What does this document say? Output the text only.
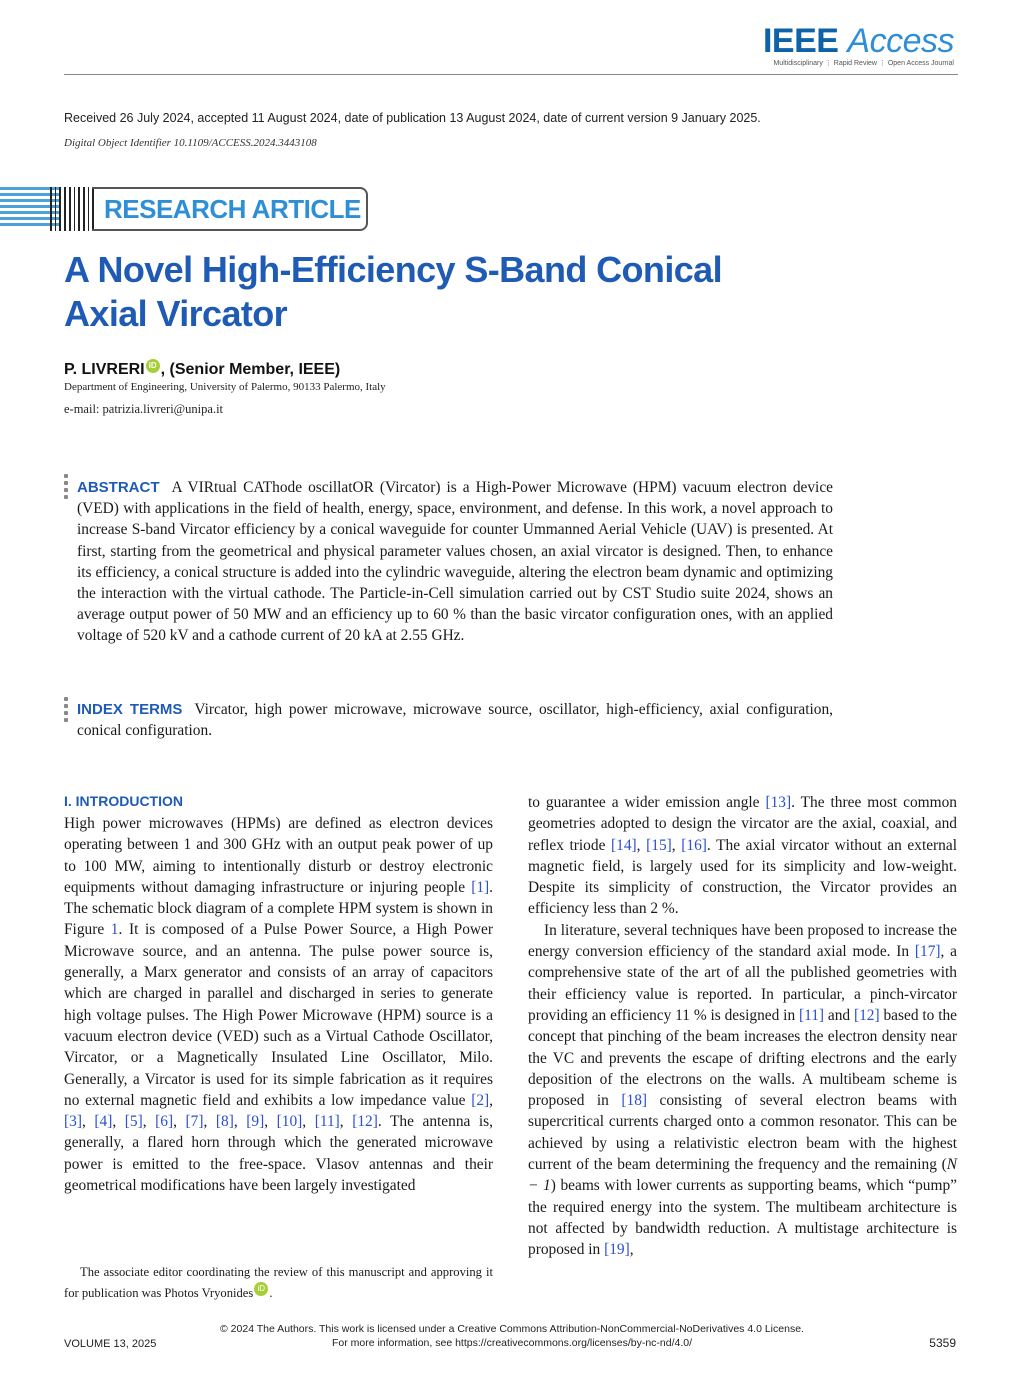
IEEE Access
Multidisciplinary ⋮ Rapid Review ⋮ Open Access Journal
Received 26 July 2024, accepted 11 August 2024, date of publication 13 August 2024, date of current version 9 January 2025.
Digital Object Identifier 10.1109/ACCESS.2024.3443108
RESEARCH ARTICLE
A Novel High-Efficiency S-Band Conical
Axial Vircator
P. LIVRERI iD , (Senior Member, IEEE)
Department of Engineering, University of Palermo, 90133 Palermo, Italy
e-mail: patrizia.livreri@unipa.it
ABSTRACT A VIRtual CAThode oscillatOR (Vircator) is a High-Power Microwave (HPM) vacuum electron device (VED) with applications in the field of health, energy, space, environment, and defense. In this work, a novel approach to increase S-band Vircator efficiency by a conical waveguide for counter Ummanned Aerial Vehicle (UAV) is presented. At first, starting from the geometrical and physical parameter values chosen, an axial vircator is designed. Then, to enhance its efficiency, a conical structure is added into the cylindric waveguide, altering the electron beam dynamic and optimizing the interaction with the virtual cathode. The Particle-in-Cell simulation carried out by CST Studio suite 2024, shows an average output power of 50 MW and an efficiency up to 60 % than the basic vircator configuration ones, with an applied voltage of 520 kV and a cathode current of 20 kA at 2.55 GHz.
INDEX TERMS Vircator, high power microwave, microwave source, oscillator, high-efficiency, axial configuration, conical configuration.
I. INTRODUCTION
High power microwaves (HPMs) are defined as electron devices operating between 1 and 300 GHz with an output peak power of up to 100 MW, aiming to intentionally disturb or destroy electronic equipments without damaging infrastructure or injuring people [1]. The schematic block diagram of a complete HPM system is shown in Figure 1. It is composed of a Pulse Power Source, a High Power Microwave source, and an antenna. The pulse power source is, generally, a Marx generator and consists of an array of capacitors which are charged in parallel and discharged in series to generate high voltage pulses. The High Power Microwave (HPM) source is a vacuum electron device (VED) such as a Virtual Cathode Oscillator, Vircator, or a Magnetically Insulated Line Oscillator, Milo. Generally, a Vircator is used for its simple fabrication as it requires no external magnetic field and exhibits a low impedance value [2], [3], [4], [5], [6], [7], [8], [9], [10], [11], [12]. The antenna is, generally, a flared horn through which the generated microwave power is emitted to the free-space. Vlasov antennas and their geometrical modifications have been largely investigated
to guarantee a wider emission angle [13]. The three most common geometries adopted to design the vircator are the axial, coaxial, and reflex triode [14], [15], [16]. The axial vircator without an external magnetic field, is largely used for its simplicity and low-weight. Despite its simplicity of construction, the Vircator provides an efficiency less than 2 %.
In literature, several techniques have been proposed to increase the energy conversion efficiency of the standard axial mode. In [17], a comprehensive state of the art of all the published geometries with their efficiency value is reported. In particular, a pinch-vircator providing an efficiency 11 % is designed in [11] and [12] based to the concept that pinching of the beam increases the electron density near the VC and prevents the escape of drifting electrons and the early deposition of the electrons on the walls. A multibeam scheme is proposed in [18] consisting of several electron beams with supercritical currents charged onto a common resonator. This can be achieved by using a relativistic electron beam with the highest current of the beam determining the frequency and the remaining (N − 1) beams with lower currents as supporting beams, which “pump” the required energy into the system. The multibeam architecture is not affected by bandwidth reduction. A multistage architecture is proposed in [19],
The associate editor coordinating the review of this manuscript and approving it for publication was Photos Vryonides iD .
© 2024 The Authors. This work is licensed under a Creative Commons Attribution-NonCommercial-NoDerivatives 4.0 License.
For more information, see https://creativecommons.org/licenses/by-nc-nd/4.0/
VOLUME 13, 2025	5359
